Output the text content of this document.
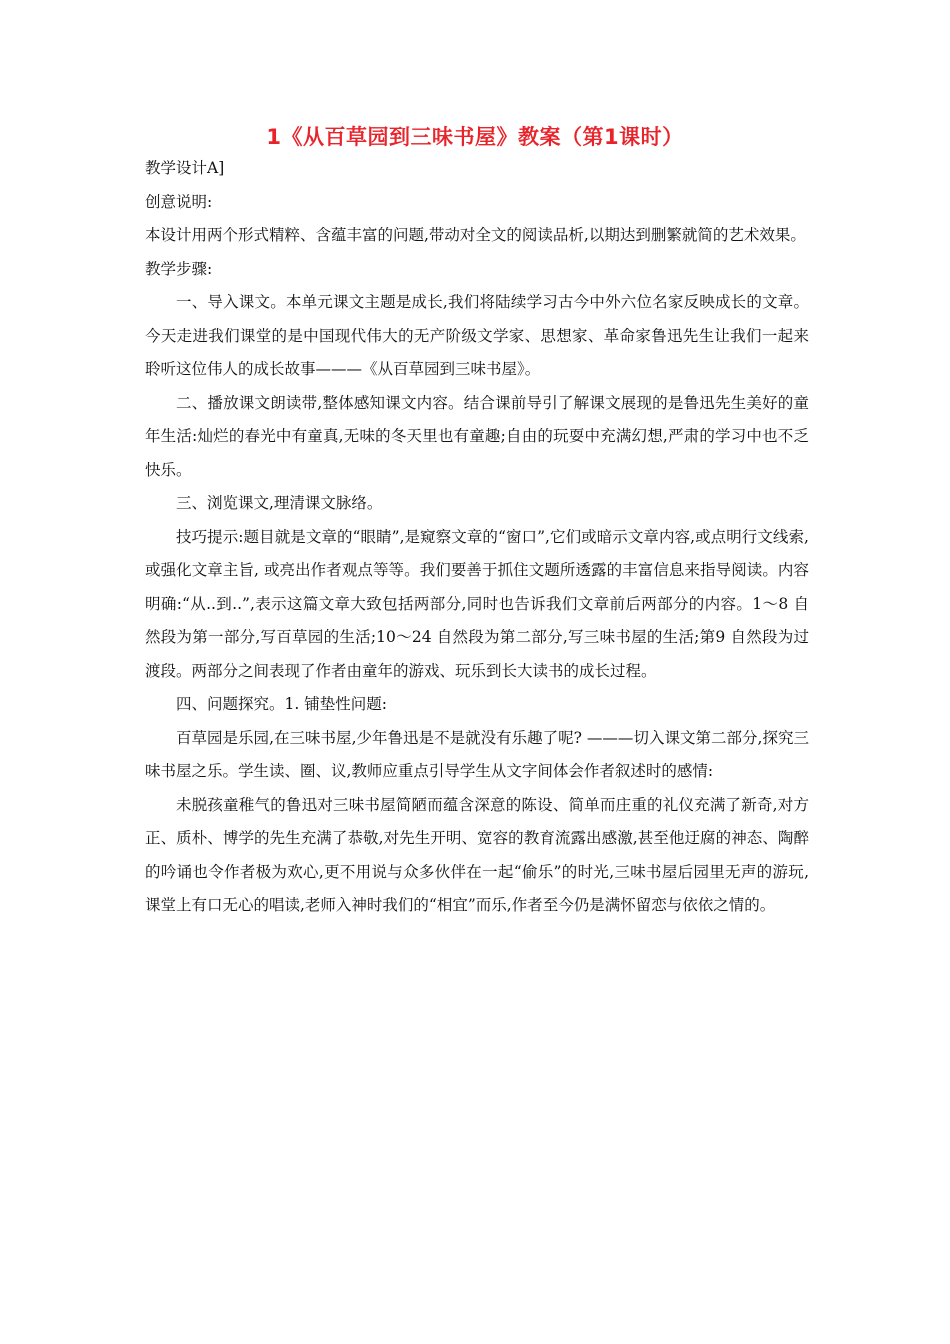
1《从百草园到三味书屋》教案（第1课时）

教学设计A]

创意说明:

本设计用两个形式精粹、含蕴丰富的问题,带动对全文的阅读品析,以期达到删繁就简的艺术效果。

教学步骤:

一、导入课文。本单元课文主题是成长,我们将陆续学习古今中外六位名家反映成长的文章。今天走进我们课堂的是中国现代伟大的无产阶级文学家、思想家、革命家鲁迅先生让我们一起来聆听这位伟人的成长故事———《从百草园到三味书屋》。

二、播放课文朗读带,整体感知课文内容。结合课前导引了解课文展现的是鲁迅先生美好的童年生活:灿烂的春光中有童真,无味的冬天里也有童趣;自由的玩耍中充满幻想,严肃的学习中也不乏快乐。

三、浏览课文,理清课文脉络。

技巧提示:题目就是文章的“眼睛”,是窥察文章的“窗口”,它们或暗示文章内容,或点明行文线索,或强化文章主旨, 或亮出作者观点等等。我们要善于抓住文题所透露的丰富信息来指导阅读。内容明确:“从..到..”,表示这篇文章大致包括两部分,同时也告诉我们文章前后两部分的内容。1～8 自然段为第一部分,写百草园的生活;10～24 自然段为第二部分,写三味书屋的生活;第9 自然段为过渡段。两部分之间表现了作者由童年的游戏、玩乐到长大读书的成长过程。

四、问题探究。1. 铺垫性问题:

百草园是乐园,在三味书屋,少年鲁迅是不是就没有乐趣了呢? ———切入课文第二部分,探究三味书屋之乐。学生读、圈、议,教师应重点引导学生从文字间体会作者叙述时的感情:

未脱孩童稚气的鲁迅对三味书屋简陋而蕴含深意的陈设、简单而庄重的礼仪充满了新奇,对方正、质朴、博学的先生充满了恭敬,对先生开明、宽容的教育流露出感激,甚至他迂腐的神态、陶醉的吟诵也令作者极为欢心,更不用说与众多伙伴在一起“偷乐”的时光,三味书屋后园里无声的游玩,课堂上有口无心的唱读,老师入神时我们的“相宜”而乐,作者至今仍是满怀留恋与依依之情的。
